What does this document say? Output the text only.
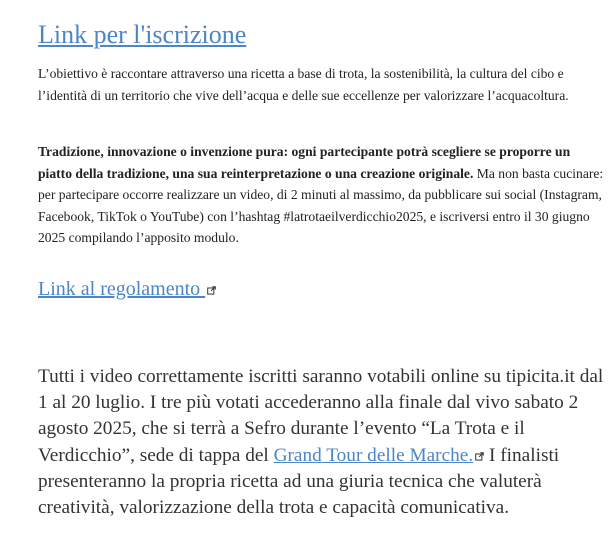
Link per l'iscrizione

L’obiettivo è raccontare attraverso una ricetta a base di trota, la sostenibilità, la cultura del cibo e l’identità di un territorio che vive dell’acqua e delle sue eccellenze per valorizzare l’acquacoltura.

Tradizione, innovazione o invenzione pura: ogni partecipante potrà scegliere se proporre un piatto della tradizione, una sua reinterpretazione o una creazione originale. Ma non basta cucinare: per partecipare occorre realizzare un video, di 2 minuti al massimo, da pubblicare sui social (Instagram, Facebook, TikTok o YouTube) con l’hashtag #latrotaeilverdicchio2025, e iscriversi entro il 30 giugno 2025 compilando l’apposito modulo.

Link al regolamento

Tutti i video correttamente iscritti saranno votabili online su tipicita.it dal 1 al 20 luglio. I tre più votati accederanno alla finale dal vivo sabato 2 agosto 2025, che si terrà a Sefro durante l’evento “La Trota e il Verdicchio”, sede di tappa del Grand Tour delle Marche. I finalisti presenteranno la propria ricetta ad una giuria tecnica che valuterà creatività, valorizzazione della trota e capacità comunicativa.
